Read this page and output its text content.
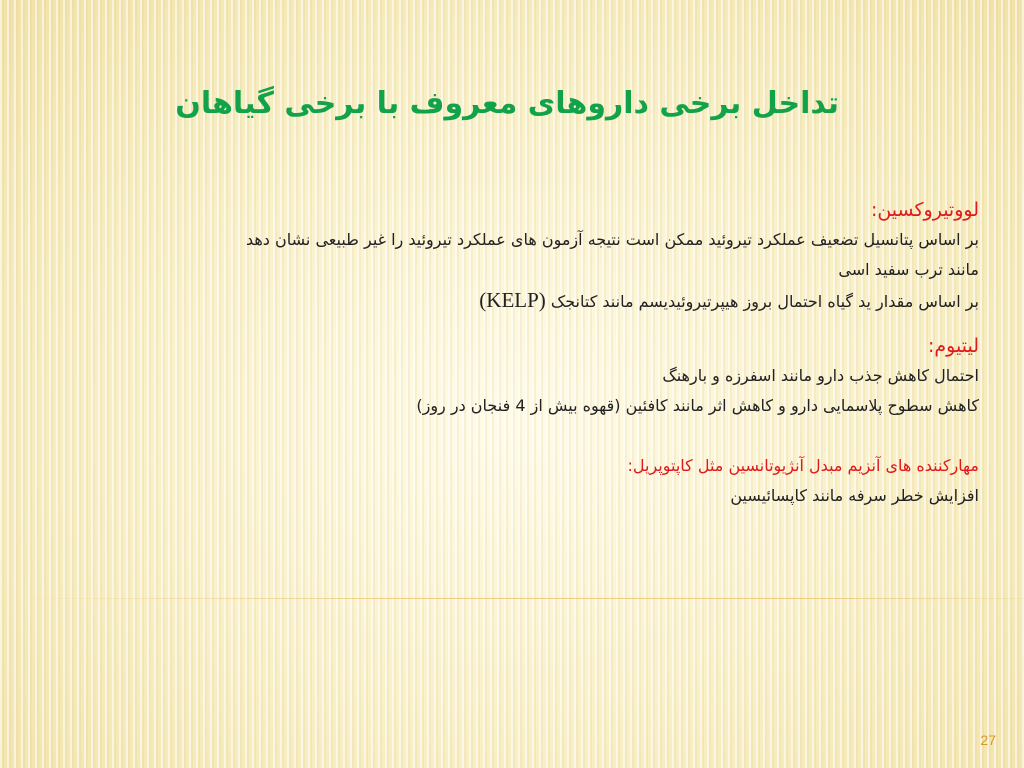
تداخل برخی داروهای معروف با برخی گیاهان

لووتیروکسین:

بر اساس پتانسیل تضعیف عملکرد تیروئید ممکن است نتیجه آزمون های عملکرد تیروئید را غیر طبیعی نشان دهد

مانند ترب سفید اسی

بر اساس مقدار ید گیاه احتمال بروز هیپرتیروئیدیسم مانند کتانجک (KELP)

لیتیوم:

احتمال کاهش جذب دارو مانند اسفرزه و بارهنگ

کاهش سطوح پلاسمایی دارو و کاهش اثر مانند کافئین (قهوه بیش از 4 فنجان در روز)

مهارکننده های آنزیم مبدل آنژیوتانسین مثل کاپتوپریل:

افزایش خطر سرفه مانند کاپسائیسین

27
